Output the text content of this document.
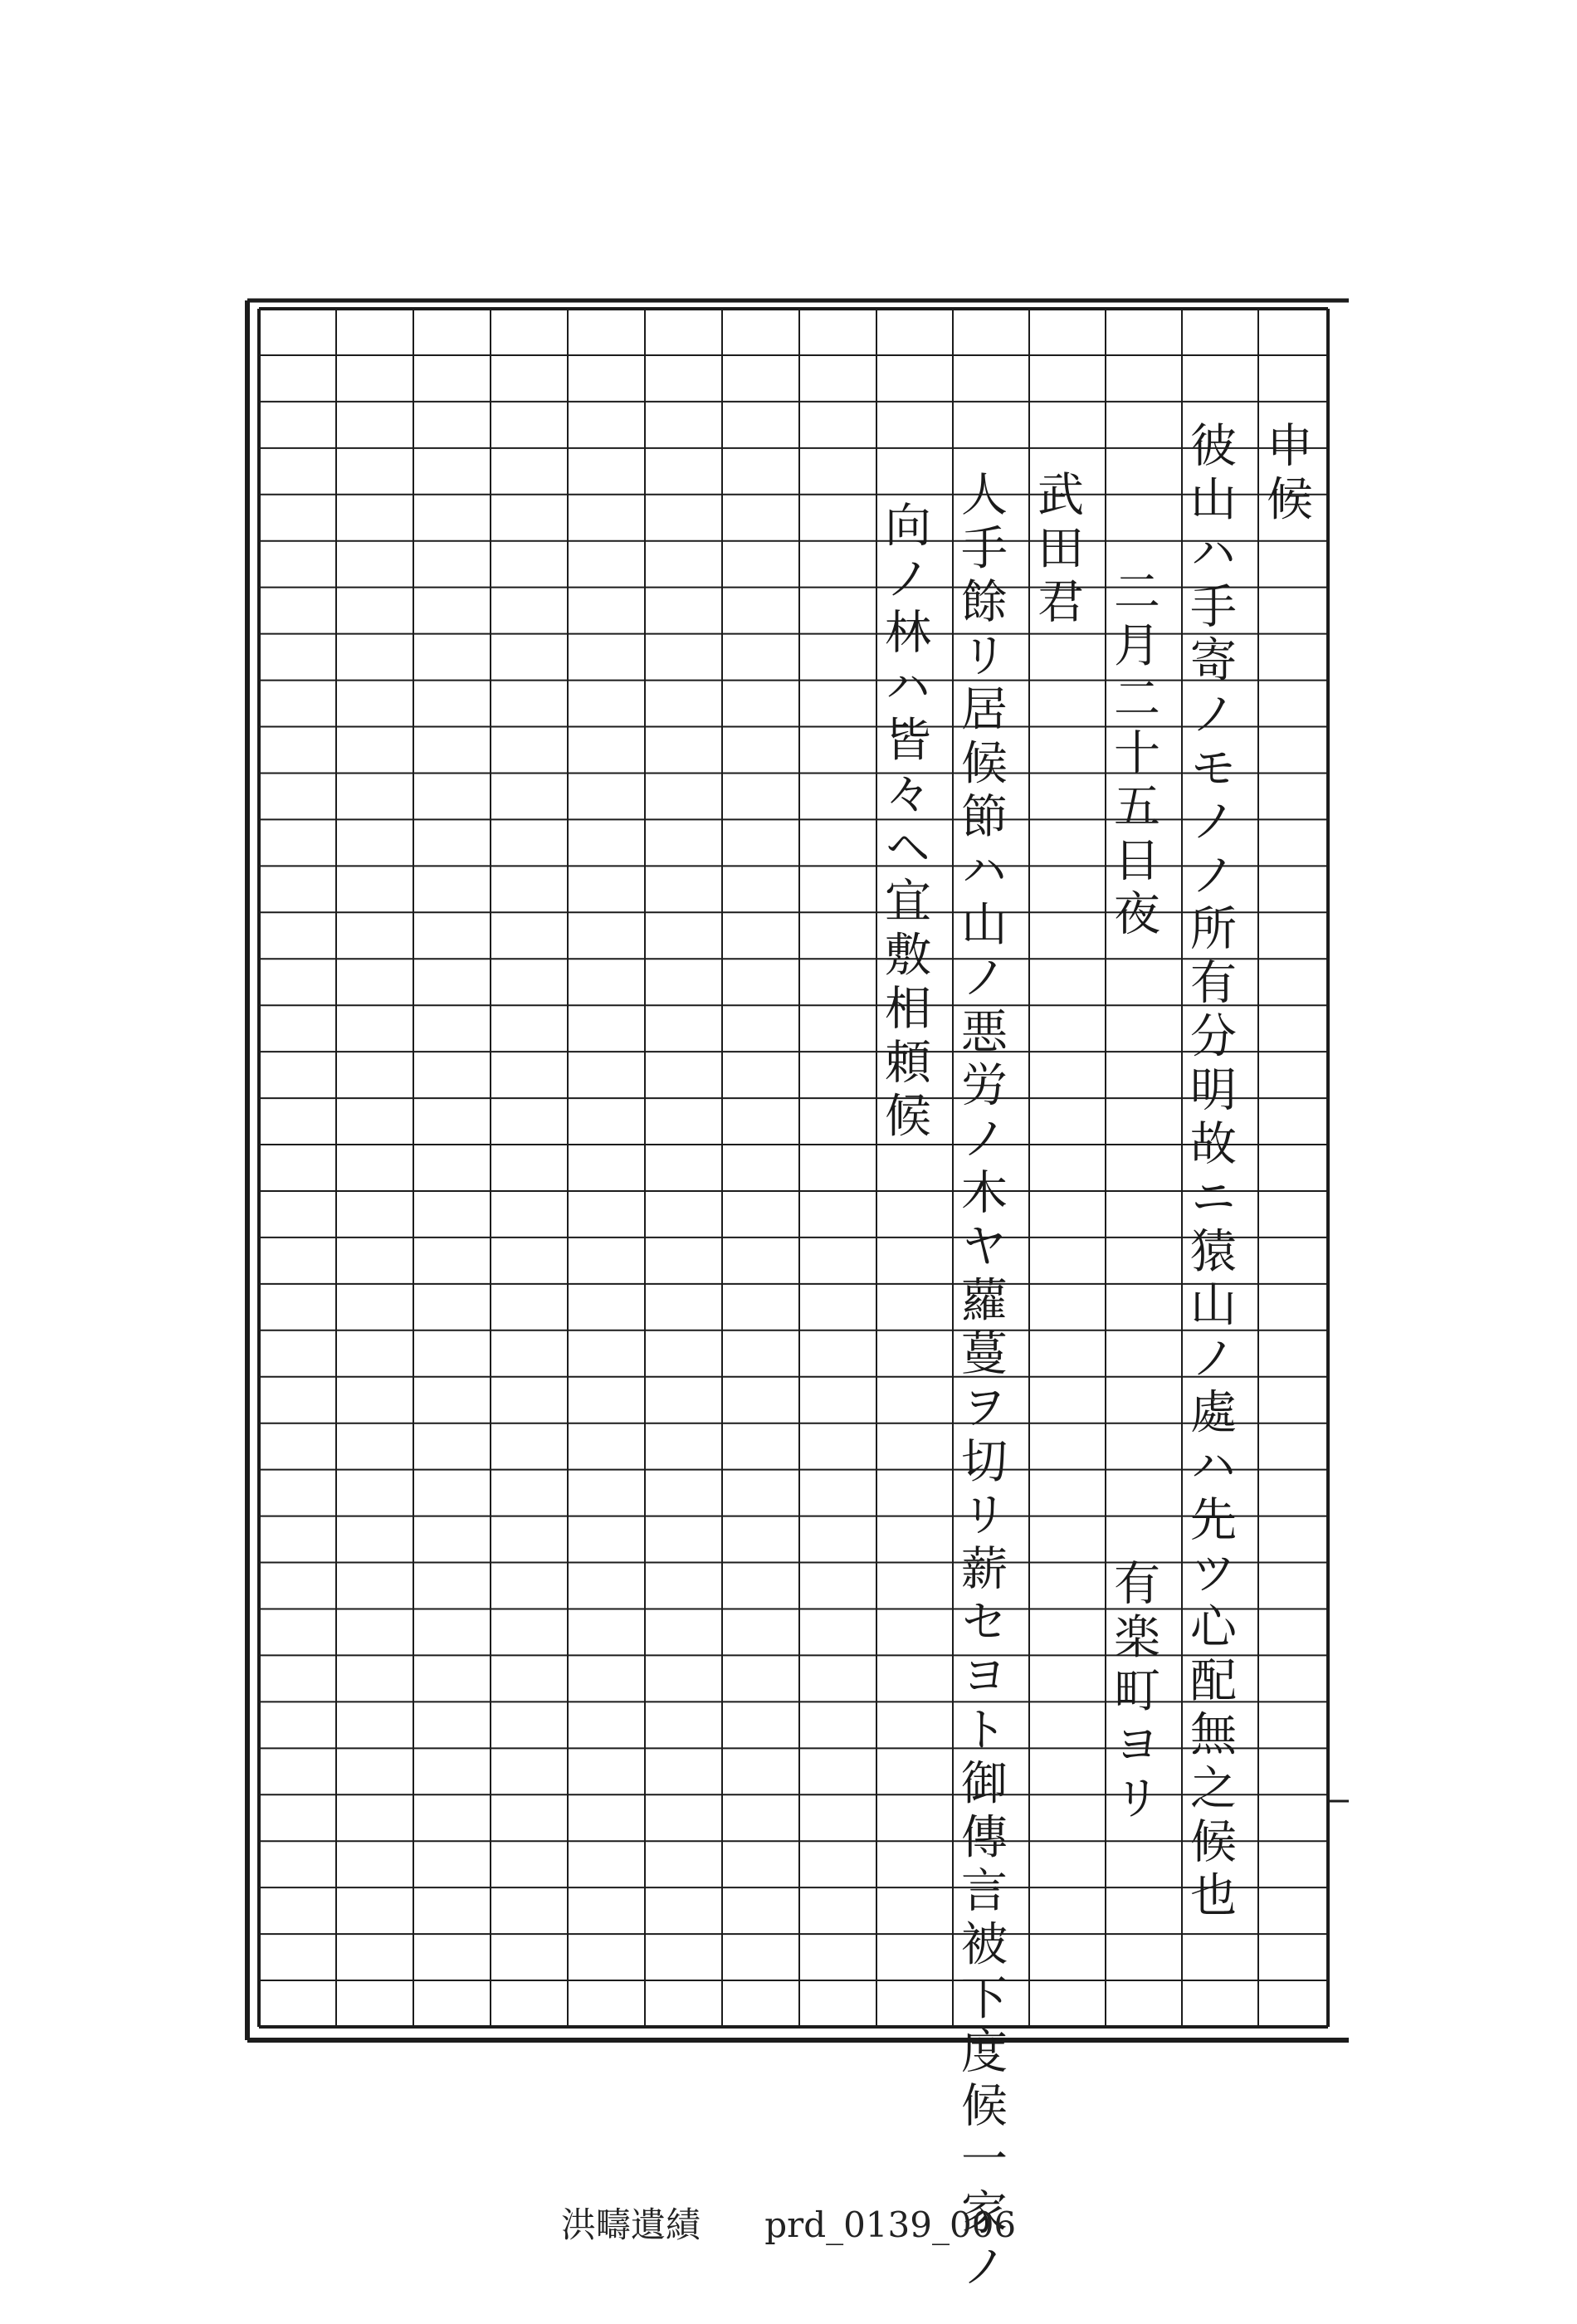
申候
彼山ハ手寄ノモノノ所有分明故ニ猿山ノ處ハ先ツ心配無之候也
二月二十五日夜
有楽町ヨリ
武田君
人手餘リ居候節ハ山ノ悪労ノ木ヤ蘿蔓ヲ切リ薪セヨト御傳言被下度候一家ノ
向ノ林ハ皆々ヘ宜敷相頼候
洪疇遺績 prd_0139_006
